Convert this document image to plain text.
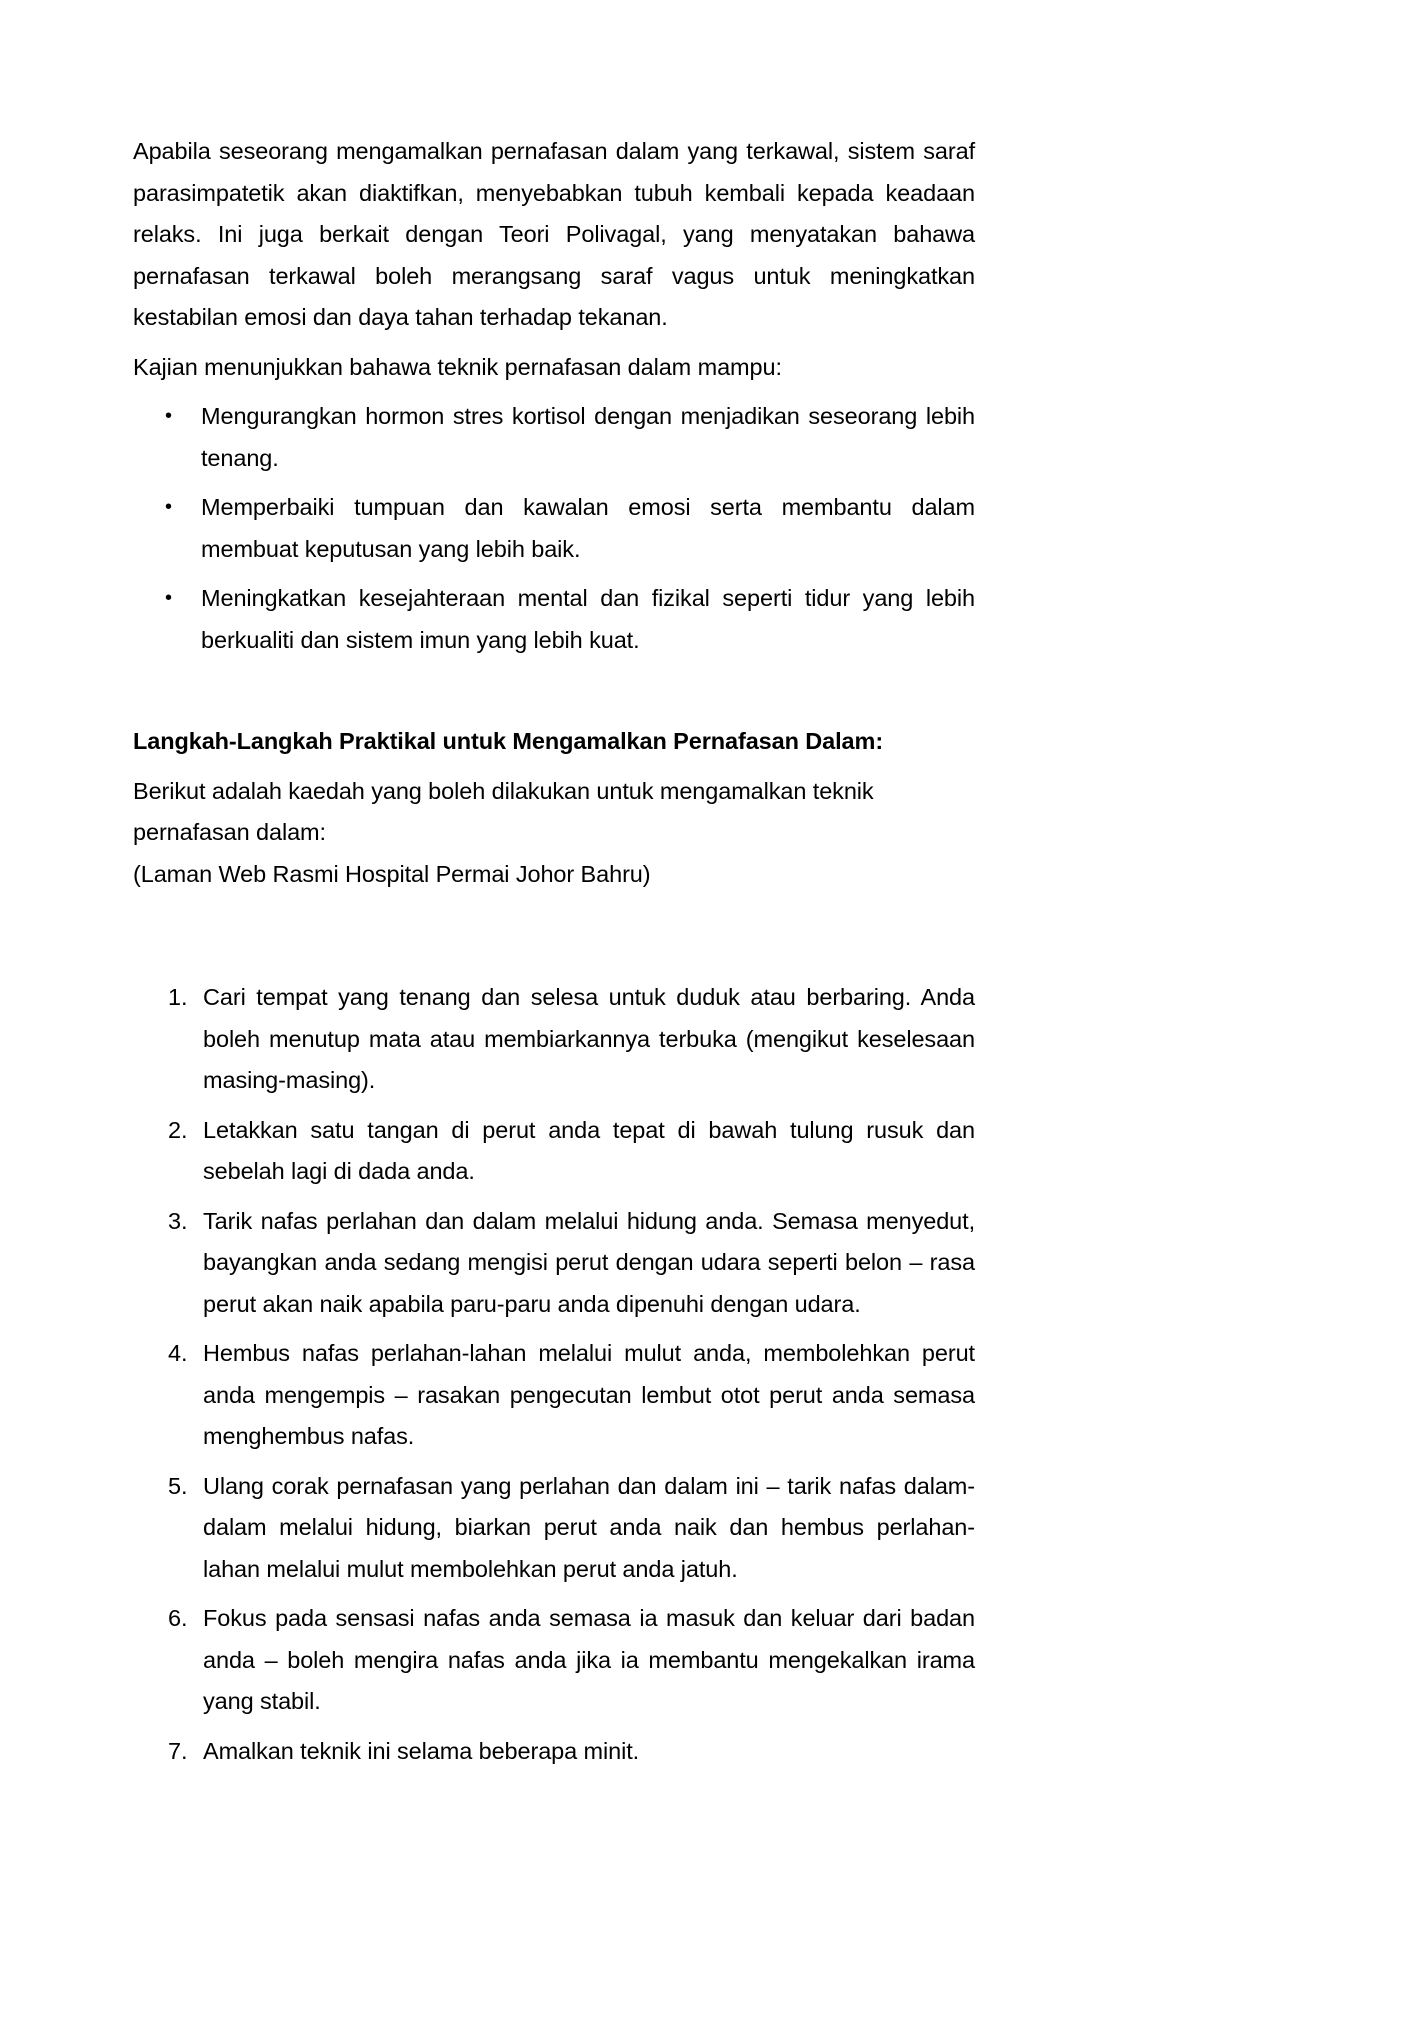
Apabila seseorang mengamalkan pernafasan dalam yang terkawal, sistem saraf parasimpatetik akan diaktifkan, menyebabkan tubuh kembali kepada keadaan relaks. Ini juga berkait dengan Teori Polivagal, yang menyatakan bahawa pernafasan terkawal boleh merangsang saraf vagus untuk meningkatkan kestabilan emosi dan daya tahan terhadap tekanan.

Kajian menunjukkan bahawa teknik pernafasan dalam mampu:

• Mengurangkan hormon stres kortisol dengan menjadikan seseorang lebih tenang.
• Memperbaiki tumpuan dan kawalan emosi serta membantu dalam membuat keputusan yang lebih baik.
• Meningkatkan kesejahteraan mental dan fizikal seperti tidur yang lebih berkualiti dan sistem imun yang lebih kuat.
Langkah-Langkah Praktikal untuk Mengamalkan Pernafasan Dalam:

Berikut adalah kaedah yang boleh dilakukan untuk mengamalkan teknik pernafasan dalam:

(Laman Web Rasmi Hospital Permai Johor Bahru)

1. Cari tempat yang tenang dan selesa untuk duduk atau berbaring. Anda boleh menutup mata atau membiarkannya terbuka (mengikut keselesaan masing-masing).
2. Letakkan satu tangan di perut anda tepat di bawah tulung rusuk dan sebelah lagi di dada anda.
3. Tarik nafas perlahan dan dalam melalui hidung anda. Semasa menyedut, bayangkan anda sedang mengisi perut dengan udara seperti belon – rasa perut akan naik apabila paru-paru anda dipenuhi dengan udara.
4. Hembus nafas perlahan-lahan melalui mulut anda, membolehkan perut anda mengempis – rasakan pengecutan lembut otot perut anda semasa menghembus nafas.
5. Ulang corak pernafasan yang perlahan dan dalam ini – tarik nafas dalam-dalam melalui hidung, biarkan perut anda naik dan hembus perlahan-lahan melalui mulut membolehkan perut anda jatuh.
6. Fokus pada sensasi nafas anda semasa ia masuk dan keluar dari badan anda – boleh mengira nafas anda jika ia membantu mengekalkan irama yang stabil.
7. Amalkan teknik ini selama beberapa minit.
